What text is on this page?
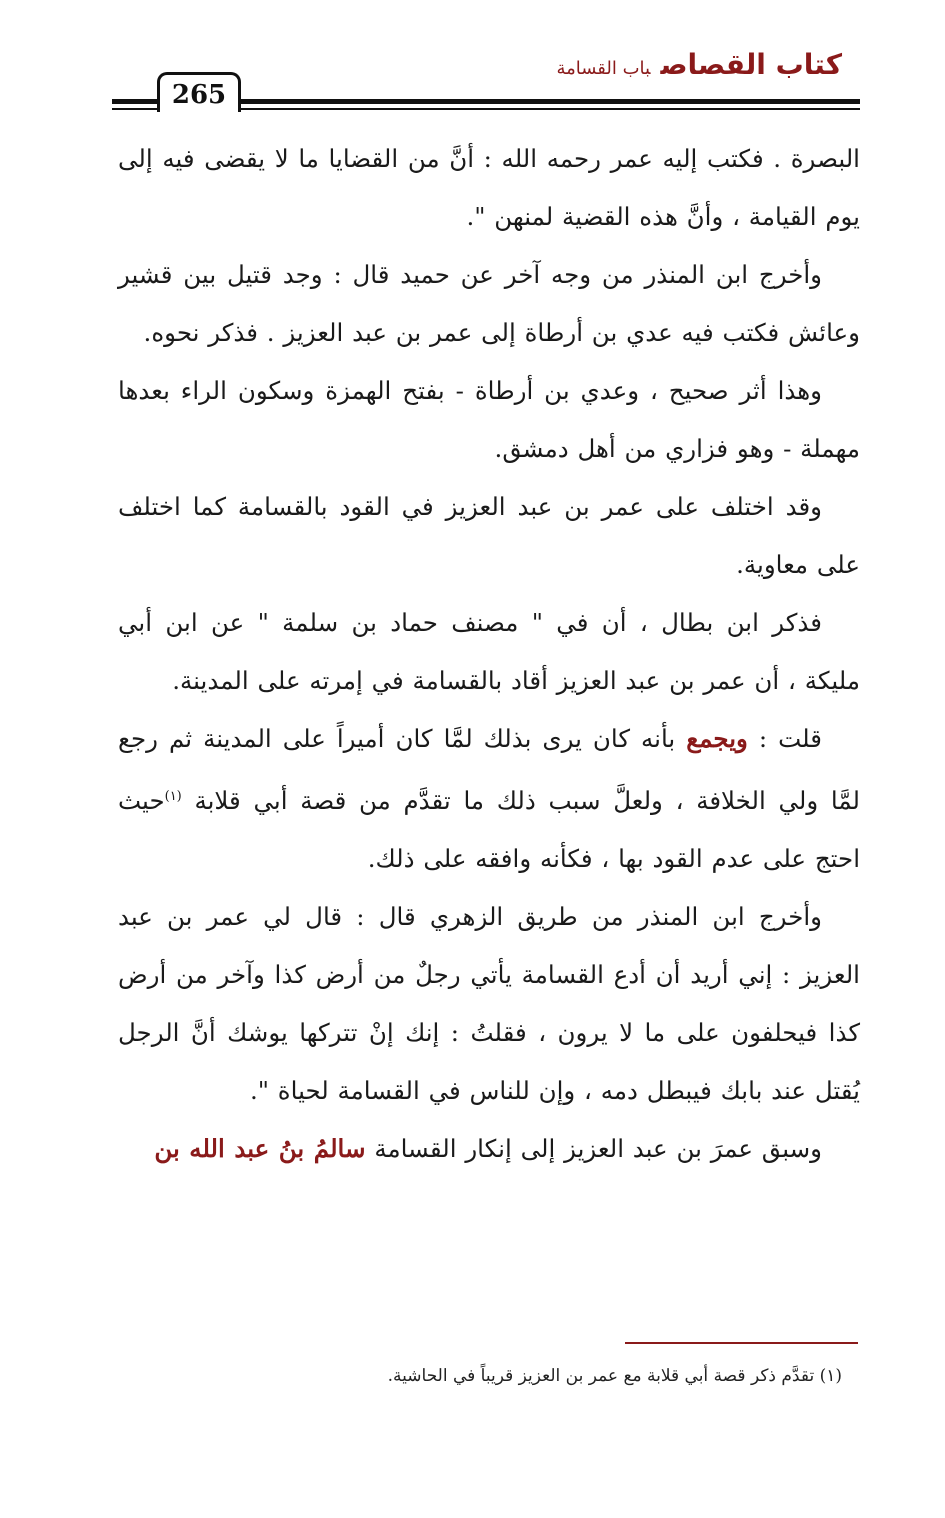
265
كتاب القصاصباب القسامة

البصرة . فكتب إليه عمر رحمه الله : أنَّ من القضايا ما لا يقضى فيه إلى يوم القيامة ، وأنَّ هذه القضية لمنهن ".

وأخرج ابن المنذر من وجه آخر عن حميد قال : وجد قتيل بين قشير وعائش فكتب فيه عدي بن أرطاة إلى عمر بن عبد العزيز . فذكر نحوه.

وهذا أثر صحيح ، وعدي بن أرطاة - بفتح الهمزة وسكون الراء بعدها مهملة - وهو فزاري من أهل دمشق.

وقد اختلف على عمر بن عبد العزيز في القود بالقسامة كما اختلف على معاوية.

فذكر ابن بطال ، أن في " مصنف حماد بن سلمة " عن ابن أبي مليكة ، أن عمر بن عبد العزيز أقاد بالقسامة في إمرته على المدينة.

قلت : ويجمع بأنه كان يرى بذلك لمَّا كان أميراً على المدينة ثم رجع لمَّا ولي الخلافة ، ولعلَّ سبب ذلك ما تقدَّم من قصة أبي قلابة $^{(١)}$حيث احتج على عدم القود بها ، فكأنه وافقه على ذلك.

وأخرج ابن المنذر من طريق الزهري قال : قال لي عمر بن عبد العزيز : إني أريد أن أدع القسامة يأتي رجلٌ من أرض كذا وآخر من أرض كذا فيحلفون على ما لا يرون ، فقلتُ : إنك إنْ تتركها يوشك أنَّ الرجل يُقتل عند بابك فيبطل دمه ، وإن للناس في القسامة لحياة ".

وسبق عمرَ بن عبد العزيز إلى إنكار القسامة سالمُ بنُ عبد الله بن

(١) تقدَّم ذكر قصة أبي قلابة مع عمر بن العزيز قريباً في الحاشية.
